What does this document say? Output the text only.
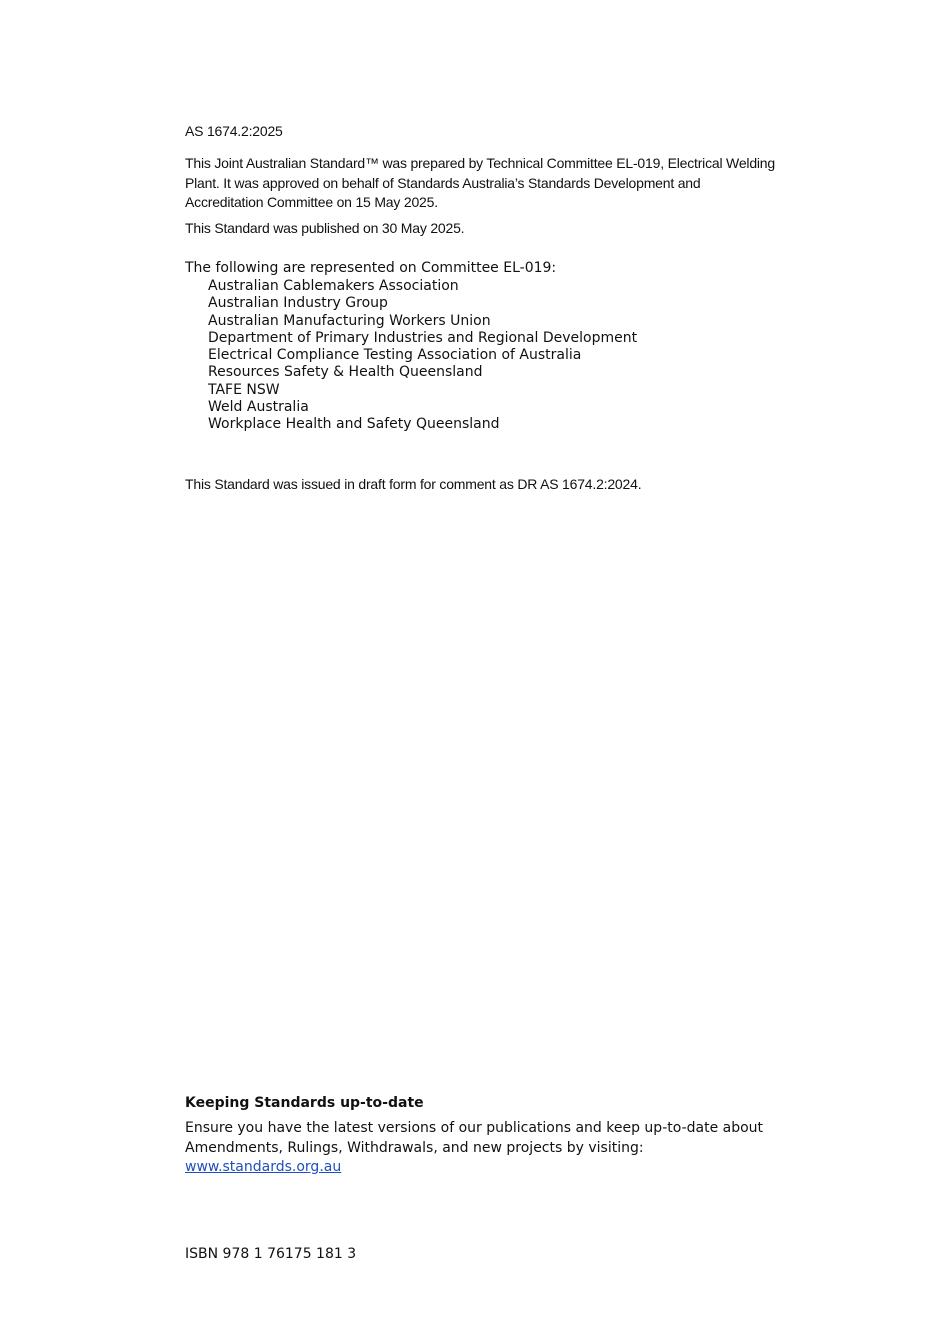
AS 1674.2:2025
This Joint Australian Standard™ was prepared by Technical Committee EL-019, Electrical Welding Plant. It was approved on behalf of Standards Australia’s Standards Development and Accreditation Committee on 15 May 2025.
This Standard was published on 30 May 2025.
The following are represented on Committee EL-019:
Australian Cablemakers Association
Australian Industry Group
Australian Manufacturing Workers Union
Department of Primary Industries and Regional Development
Electrical Compliance Testing Association of Australia
Resources Safety & Health Queensland
TAFE NSW
Weld Australia
Workplace Health and Safety Queensland
This Standard was issued in draft form for comment as DR AS 1674.2:2024.
Keeping Standards up-to-date
Ensure you have the latest versions of our publications and keep up-to-date about Amendments, Rulings, Withdrawals, and new projects by visiting:
www.standards.org.au
ISBN 978 1 76175 181 3
